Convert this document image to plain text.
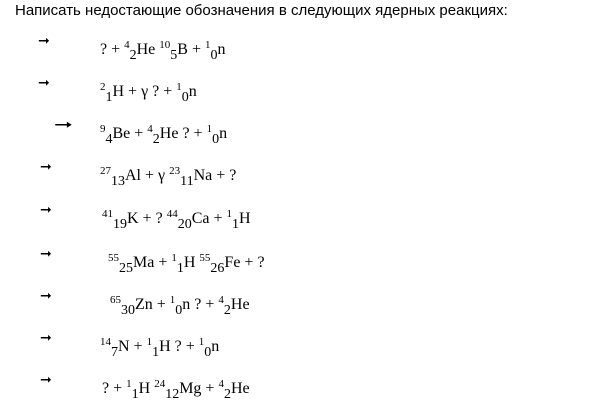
Написать недостающие обозначения в следующих ядерных реакциях:
➞
➞
➞
➞
➞
➞
➞
➞
➞
? + $^4$2He $^{10}$5B + $^1$0n
$^2$1H + γ ? + $^1$0n
$^9$4Be + $^4$2He ? + $^1$0n
$^{27}$13Al + γ $^{23}$11Na + ?
$^{41}$19K + ? $^{44}$20Ca + $^1$1H
$^{55}$25Ma + $^1$1H $^{55}$26Fe + ?
$^{65}$30Zn + $^1$0n ? + $^4$2He
$^{14}$7N + $^1$1H ? + $^1$0n
? + $^1$1H $^{24}$12Mg + $^4$2He
